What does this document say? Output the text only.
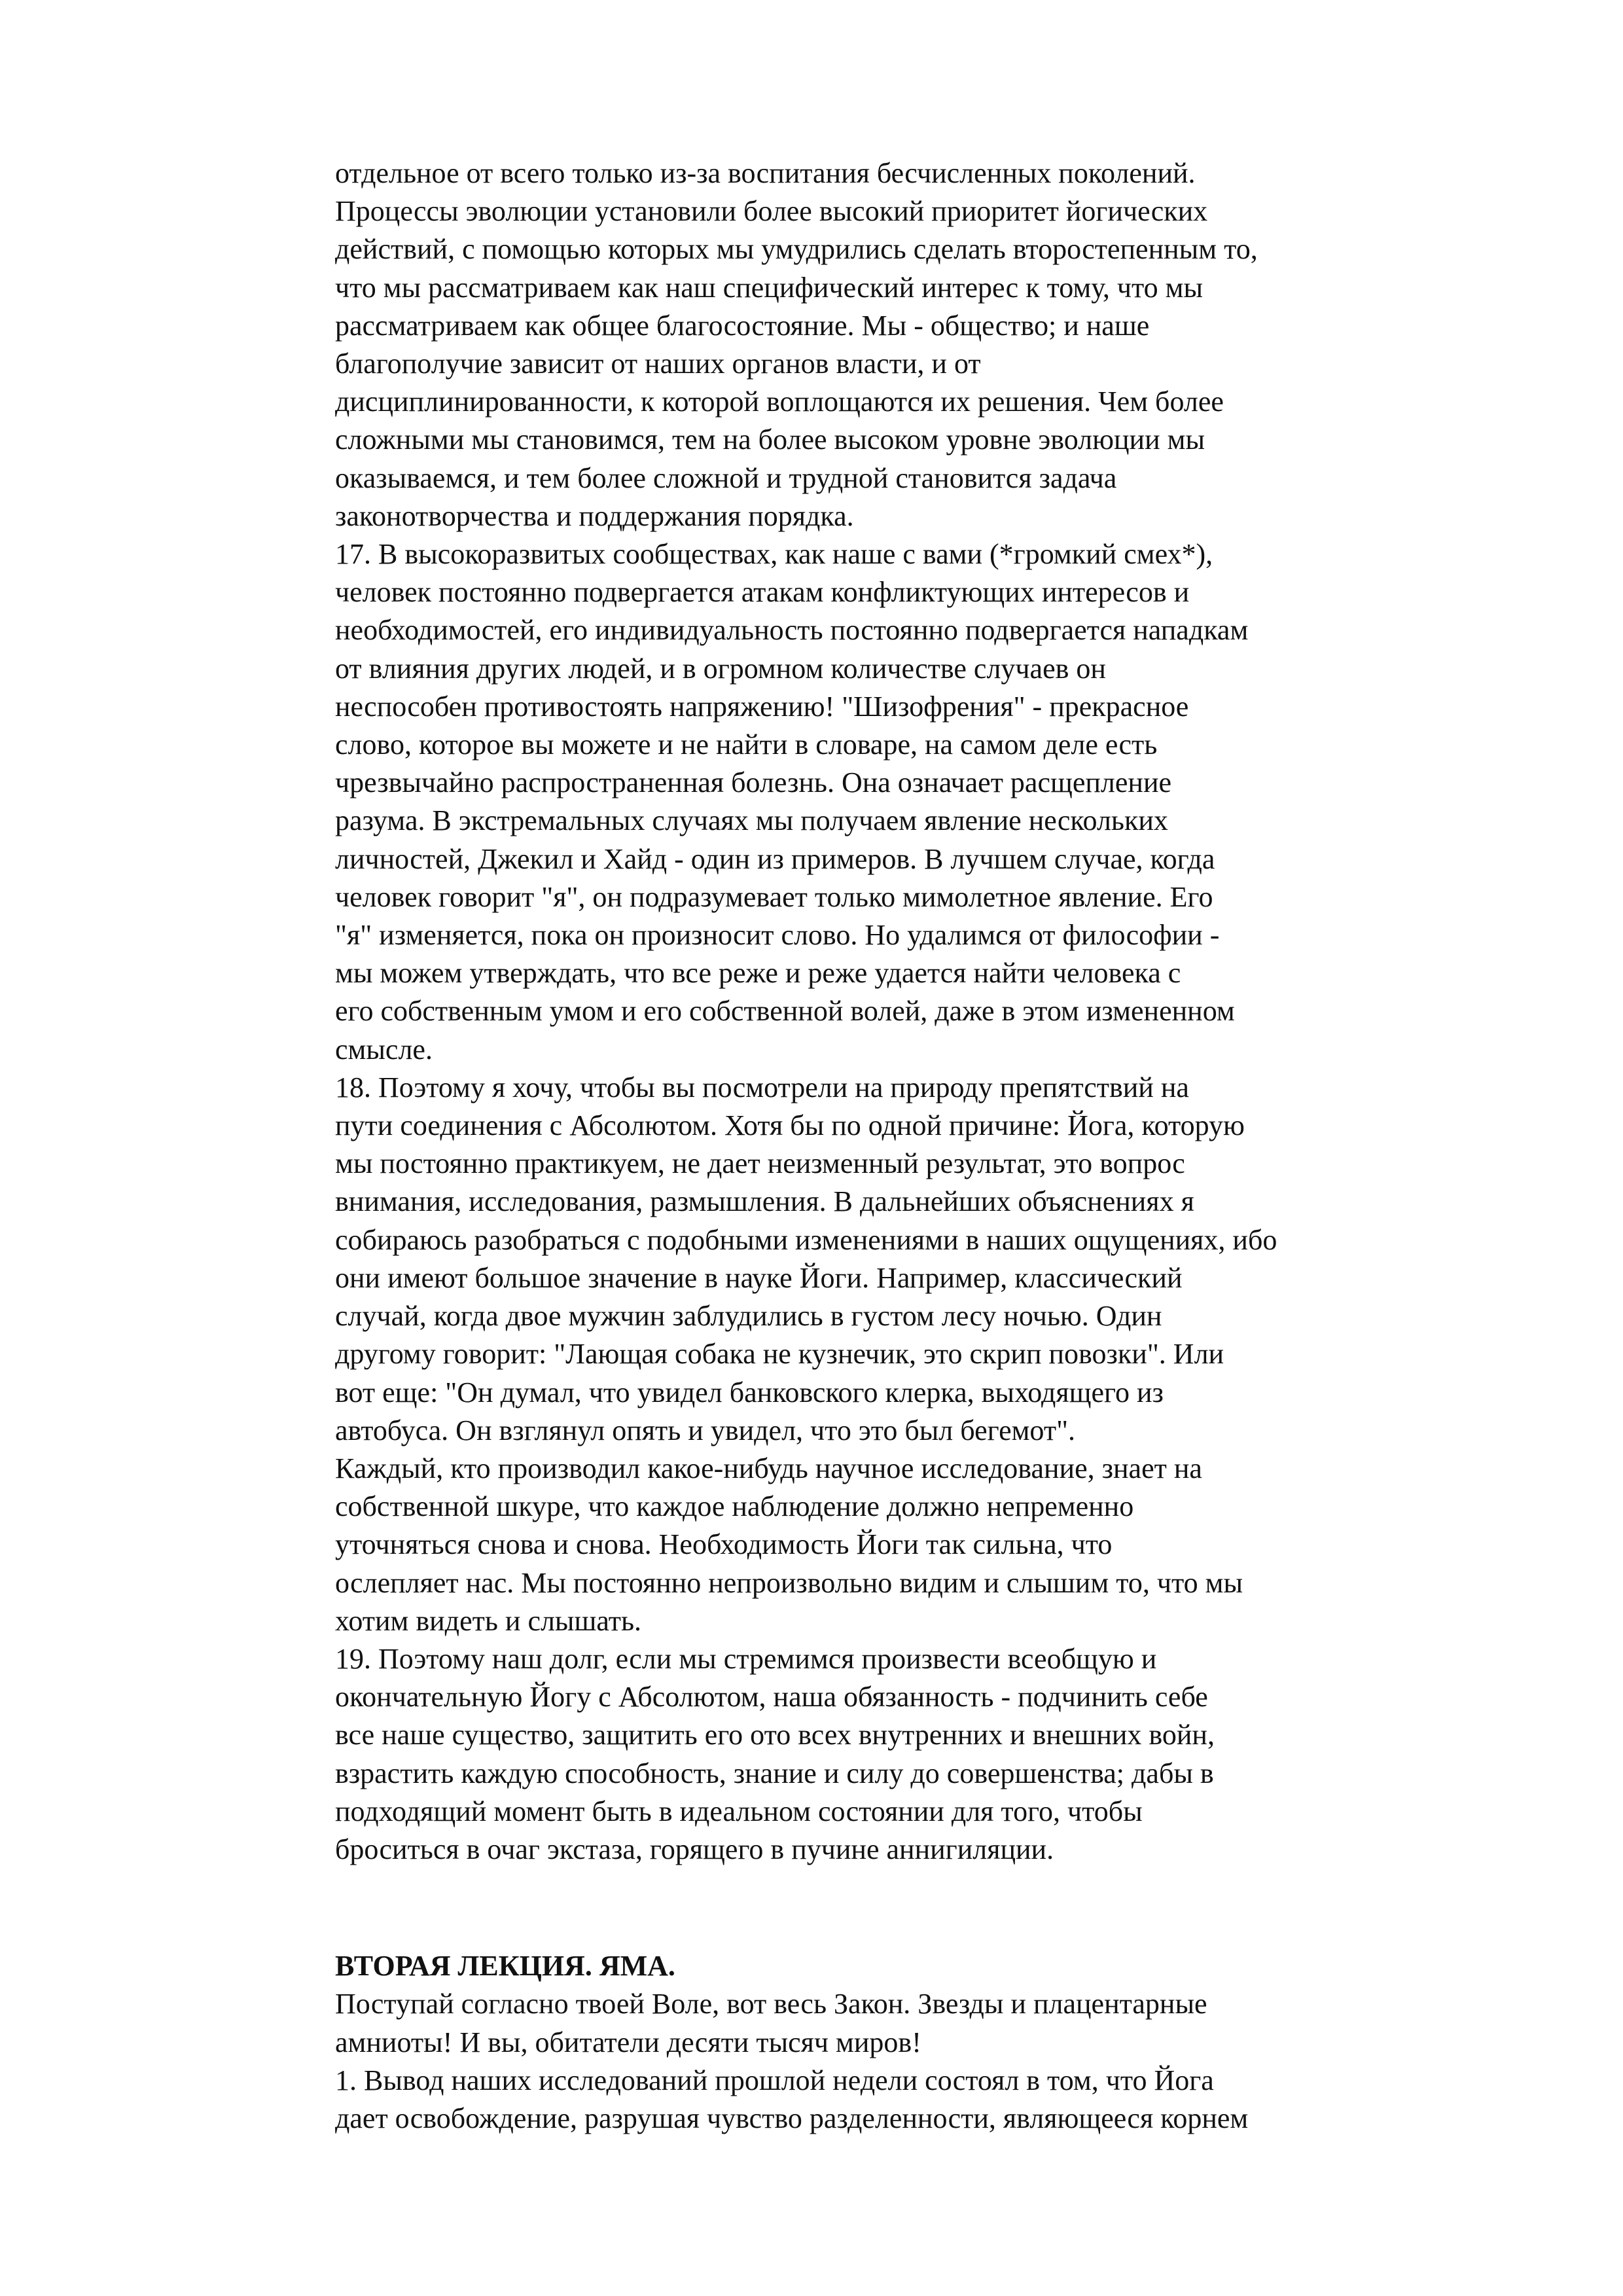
отдельное от всего только из-за воспитания бесчисленных поколений.
Процессы эволюции установили более высокий приоритет йогических
действий, с помощью которых мы умудрились сделать второстепенным то,
что мы рассматриваем как наш специфический интерес к тому, что мы
рассматриваем как общее благосостояние. Мы - общество; и наше
благополучие зависит от наших органов власти, и от
дисциплинированности, к которой воплощаются их решения. Чем более
сложными мы становимся, тем на более высоком уровне эволюции мы
оказываемся, и тем более сложной и трудной становится задача
законотворчества и поддержания порядка.
17. В высокоразвитых сообществах, как наше с вами (*громкий смех*),
человек постоянно подвергается атакам конфликтующих интересов и
необходимостей, его индивидуальность постоянно подвергается нападкам
от влияния других людей, и в огромном количестве случаев он
неспособен противостоять напряжению! "Шизофрения" - прекрасное
слово, которое вы можете и не найти в словаре, на самом деле есть
чрезвычайно распространенная болезнь. Она означает расщепление
разума. В экстремальных случаях мы получаем явление нескольких
личностей, Джекил и Хайд - один из примеров. В лучшем случае, когда
человек говорит "я", он подразумевает только мимолетное явление. Его
"я" изменяется, пока он произносит слово. Но удалимся от философии -
мы можем утверждать, что все реже и реже удается найти человека с
его собственным умом и его собственной волей, даже в этом измененном
смысле.
18. Поэтому я хочу, чтобы вы посмотрели на природу препятствий на
пути соединения с Абсолютом. Хотя бы по одной причине: Йога, которую
мы постоянно практикуем, не дает неизменный результат, это вопрос
внимания, исследования, размышления. В дальнейших объяснениях я
собираюсь разобраться с подобными изменениями в наших ощущениях, ибо
они имеют большое значение в науке Йоги. Например, классический
случай, когда двое мужчин заблудились в густом лесу ночью. Один
другому говорит: "Лающая собака не кузнечик, это скрип повозки". Или
вот еще: "Он думал, что увидел банковского клерка, выходящего из
автобуса. Он взглянул опять и увидел, что это был бегемот".
Каждый, кто производил какое-нибудь научное исследование, знает на
собственной шкуре, что каждое наблюдение должно непременно
уточняться снова и снова. Необходимость Йоги так сильна, что
ослепляет нас. Мы постоянно непроизвольно видим и слышим то, что мы
хотим видеть и слышать.
19. Поэтому наш долг, если мы стремимся произвести всеобщую и
окончательную Йогу с Абсолютом, наша обязанность - подчинить себе
все наше существо, защитить его ото всех внутренних и внешних войн,
взрастить каждую способность, знание и силу до совершенства; дабы в
подходящий момент быть в идеальном состоянии для того, чтобы
броситься в очаг экстаза, горящего в пучине аннигиляции.
ВТОРАЯ ЛЕКЦИЯ. ЯМА.
Поступай согласно твоей Воле, вот весь Закон. Звезды и плацентарные
амниоты! И вы, обитатели десяти тысяч миров!
1. Вывод наших исследований прошлой недели состоял в том, что Йога
дает освобождение, разрушая чувство разделенности, являющееся корнем
